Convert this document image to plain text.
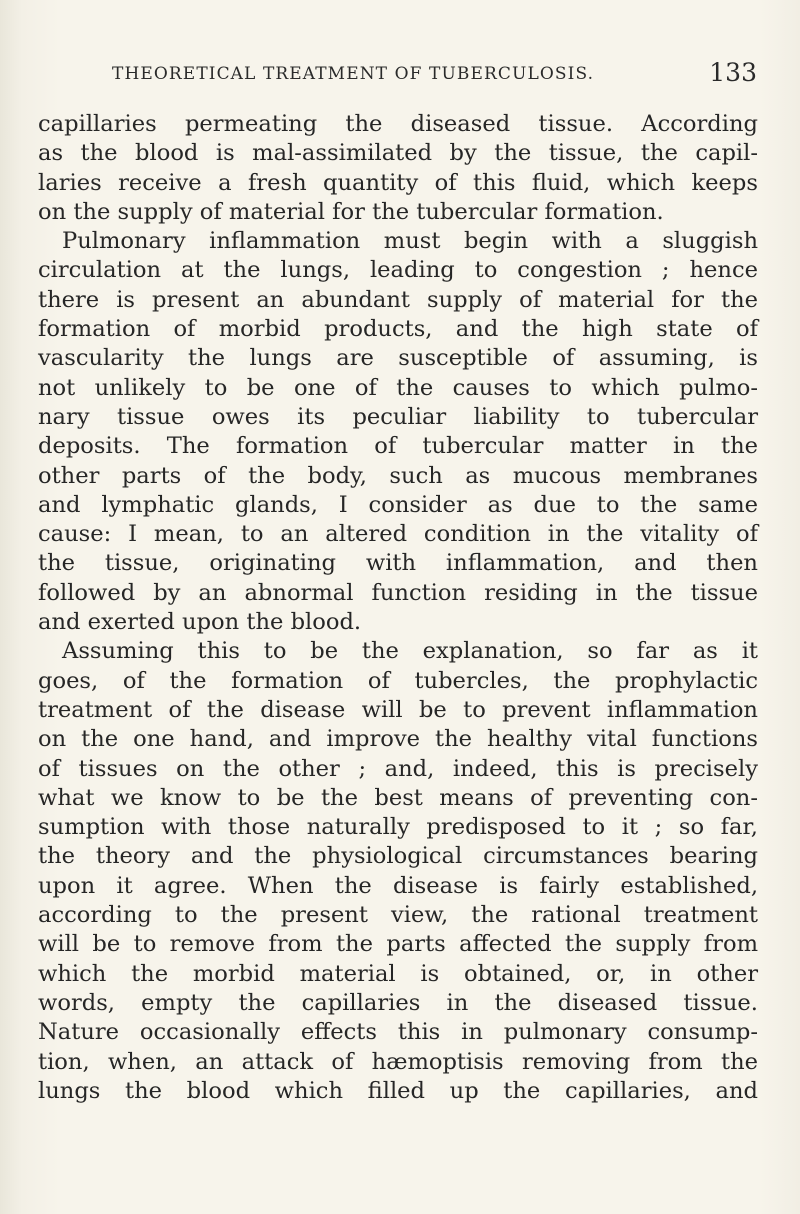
THEORETICAL TREATMENT OF TUBERCULOSIS.	133
capillaries permeating the diseased tissue. According
as the blood is mal-assimilated by the tissue, the capil-
laries receive a fresh quantity of this fluid, which keeps
on the supply of material for the tubercular formation.
Pulmonary inflammation must begin with a sluggish
circulation at the lungs, leading to congestion ; hence
there is present an abundant supply of material for the
formation of morbid products, and the high state of
vascularity the lungs are susceptible of assuming, is
not unlikely to be one of the causes to which pulmo-
nary tissue owes its peculiar liability to tubercular
deposits. The formation of tubercular matter in the
other parts of the body, such as mucous membranes
and lymphatic glands, I consider as due to the same
cause: I mean, to an altered condition in the vitality of
the tissue, originating with inflammation, and then
followed by an abnormal function residing in the tissue
and exerted upon the blood.
Assuming this to be the explanation, so far as it
goes, of the formation of tubercles, the prophylactic
treatment of the disease will be to prevent inflammation
on the one hand, and improve the healthy vital functions
of tissues on the other ; and, indeed, this is precisely
what we know to be the best means of preventing con-
sumption with those naturally predisposed to it ; so far,
the theory and the physiological circumstances bearing
upon it agree. When the disease is fairly established,
according to the present view, the rational treatment
will be to remove from the parts affected the supply from
which the morbid material is obtained, or, in other
words, empty the capillaries in the diseased tissue.
Nature occasionally effects this in pulmonary consump-
tion, when, an attack of hæmoptisis removing from the
lungs the blood which filled up the capillaries, and
